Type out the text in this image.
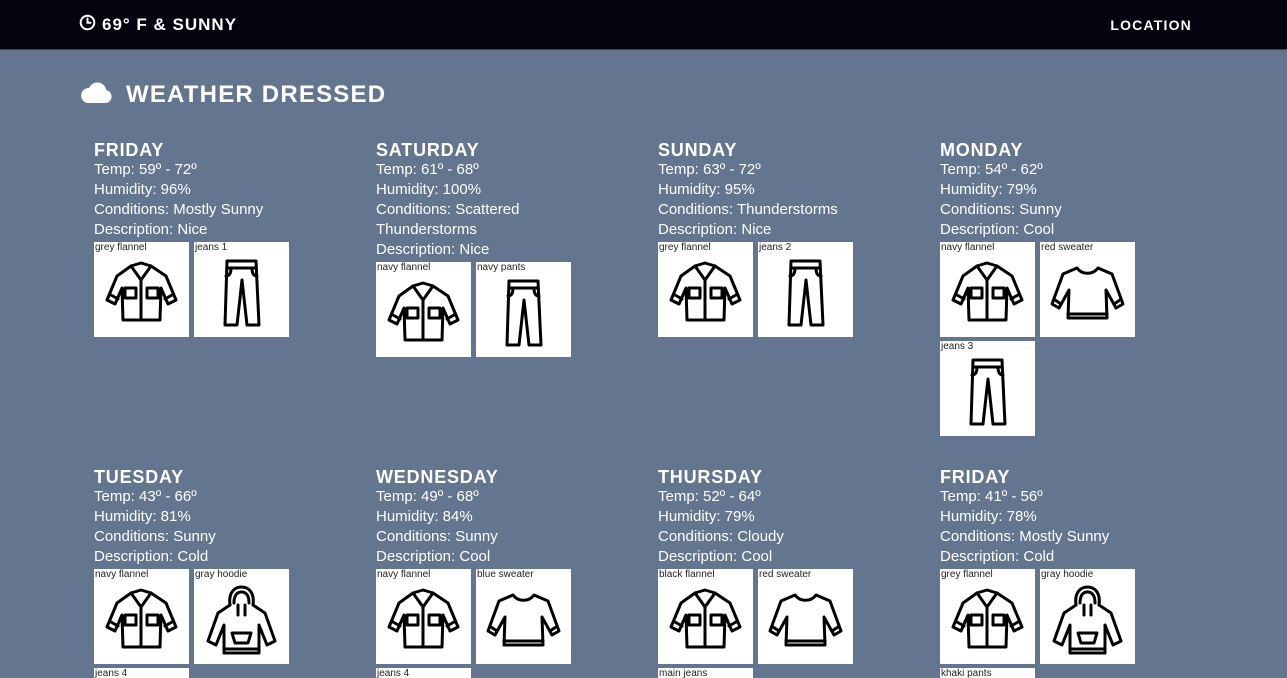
69° F & SUNNY	LOCATION
WEATHER DRESSED
FRIDAY
Temp: 59º - 72º
Humidity: 96%
Conditions: Mostly Sunny
Description: Nice
grey flannel	jeans 1
SATURDAY
Temp: 61º - 68º
Humidity: 100%
Conditions: Scattered Thunderstorms
Description: Nice
navy flannel	navy pants
SUNDAY
Temp: 63º - 72º
Humidity: 95%
Conditions: Thunderstorms
Description: Nice
grey flannel	jeans 2
MONDAY
Temp: 54º - 62º
Humidity: 79%
Conditions: Sunny
Description: Cool
navy flannel	red sweater
jeans 3
TUESDAY
Temp: 43º - 66º
Humidity: 81%
Conditions: Sunny
Description: Cold
navy flannel	gray hoodie
jeans 4
WEDNESDAY
Temp: 49º - 68º
Humidity: 84%
Conditions: Sunny
Description: Cool
navy flannel	blue sweater
jeans 4
THURSDAY
Temp: 52º - 64º
Humidity: 79%
Conditions: Cloudy
Description: Cool
black flannel	red sweater
main jeans
FRIDAY
Temp: 41º - 56º
Humidity: 78%
Conditions: Mostly Sunny
Description: Cold
grey flannel	gray hoodie
khaki pants
